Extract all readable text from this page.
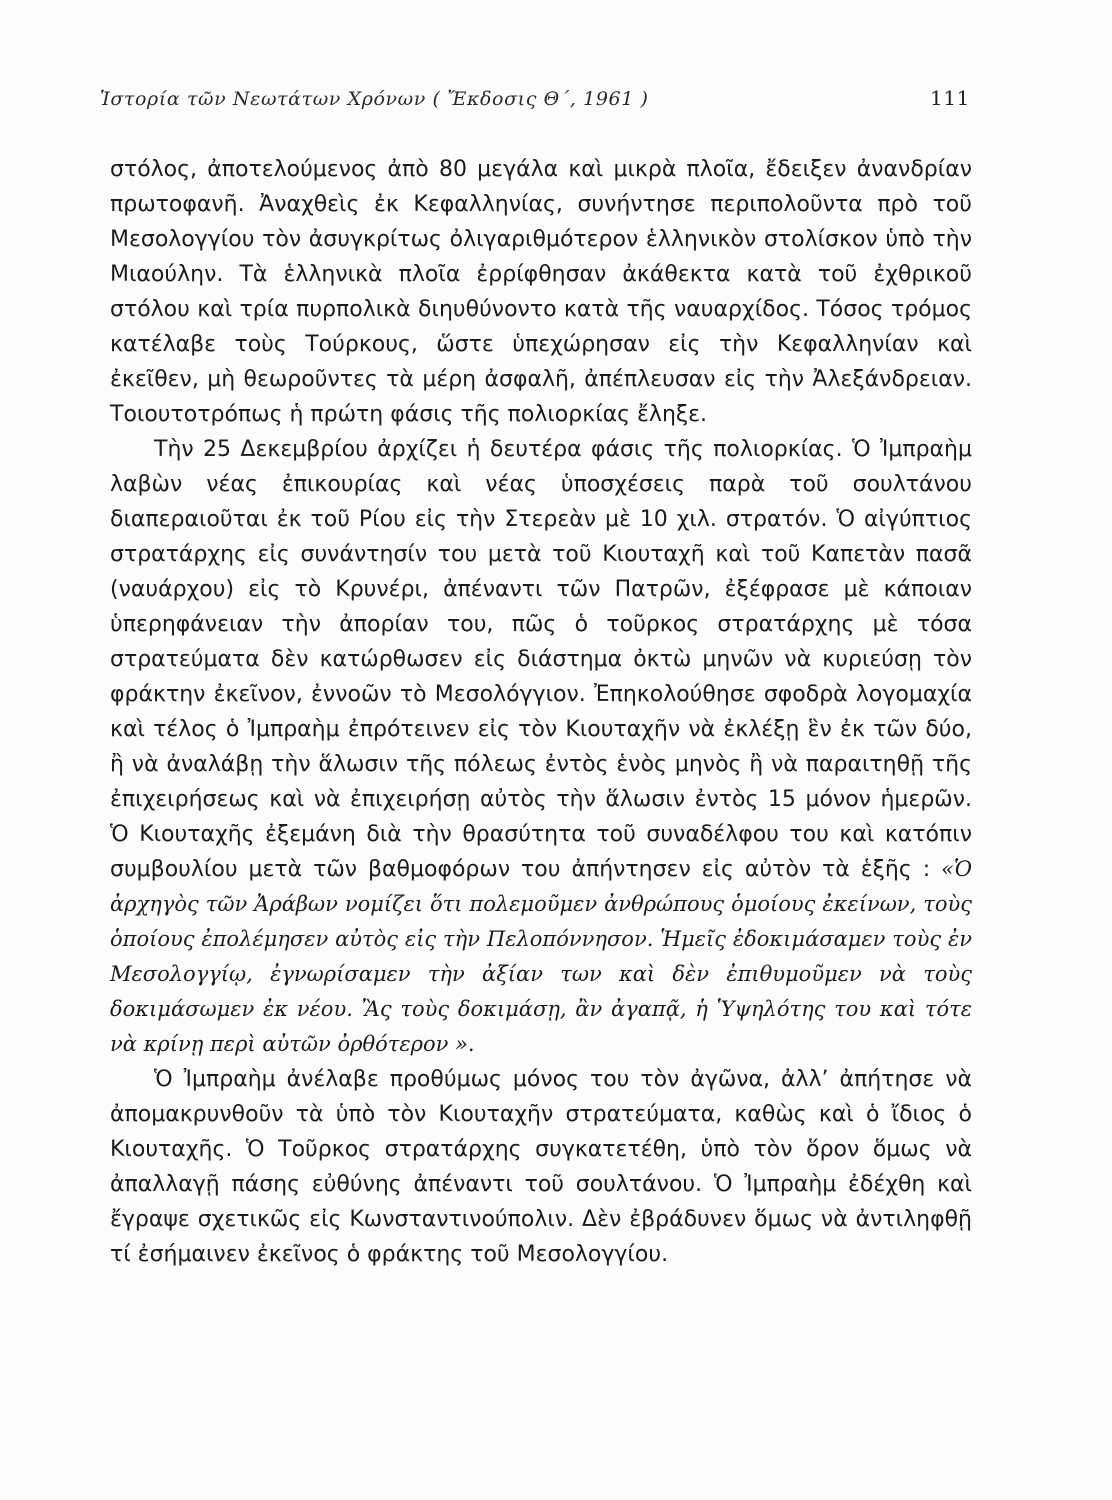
Ἱστορία τῶν Νεωτάτων Χρόνων ( Ἔκδοσις Θ΄, 1961 )	111

στόλος, ἀποτελούμενος ἀπὸ 80 μεγάλα καὶ μικρὰ πλοῖα, ἔδειξεν ἀνανδρίαν πρωτοφανῆ. Ἀναχθεὶς ἐκ Κεφαλληνίας, συνήντησε περιπολοῦντα πρὸ τοῦ Μεσολογγίου τὸν ἀσυγκρίτως ὀλιγαριθμότερον ἑλληνικὸν στολίσκον ὑπὸ τὴν Μιαούλην. Τὰ ἑλληνικὰ πλοῖα ἐρρίφθησαν ἀκάθεκτα κατὰ τοῦ ἐχθρικοῦ στόλου καὶ τρία πυρπολικὰ διηυθύνοντο κατὰ τῆς ναυαρχίδος. Τόσος τρόμος κατέλαβε τοὺς Τούρκους, ὥστε ὑπεχώρησαν εἰς τὴν Κεφαλληνίαν καὶ ἐκεῖθεν, μὴ θεωροῦντες τὰ μέρη ἀσφαλῆ, ἀπέπλευσαν εἰς τὴν Ἀλεξάνδρειαν. Τοιουτοτρόπως ἡ πρώτη φάσις τῆς πολιορκίας ἔληξε.

Τὴν 25 Δεκεμβρίου ἀρχίζει ἡ δευτέρα φάσις τῆς πολιορκίας. Ὁ Ἰμπραὴμ λαβὼν νέας ἐπικουρίας καὶ νέας ὑποσχέσεις παρὰ τοῦ σουλτάνου διαπεραιοῦται ἐκ τοῦ Ρίου εἰς τὴν Στερεὰν μὲ 10 χιλ. στρατόν. Ὁ αἰγύπτιος στρατάρχης εἰς συνάντησίν του μετὰ τοῦ Κιουταχῆ καὶ τοῦ Καπετὰν πασᾶ (ναυάρχου) εἰς τὸ Κρυνέρι, ἀπέναντι τῶν Πατρῶν, ἐξέφρασε μὲ κάποιαν ὑπερηφάνειαν τὴν ἀπορίαν του, πῶς ὁ τοῦρκος στρατάρχης μὲ τόσα στρατεύματα δὲν κατώρθωσεν εἰς διάστημα ὀκτὼ μηνῶν νὰ κυριεύσῃ τὸν φράκτην ἐκεῖνον, ἐννοῶν τὸ Μεσολόγγιον. Ἐπηκολούθησε σφοδρὰ λογομαχία καὶ τέλος ὁ Ἰμπραὴμ ἐπρότεινεν εἰς τὸν Κιουταχῆν νὰ ἐκλέξῃ ἓν ἐκ τῶν δύο, ἢ νὰ ἀναλάβῃ τὴν ἅλωσιν τῆς πόλεως ἐντὸς ἑνὸς μηνὸς ἢ νὰ παραιτηθῇ τῆς ἐπιχειρήσεως καὶ νὰ ἐπιχειρήσῃ αὐτὸς τὴν ἅλωσιν ἐντὸς 15 μόνον ἡμερῶν. Ὁ Κιουταχῆς ἐξεμάνη διὰ τὴν θρασύτητα τοῦ συναδέλφου του καὶ κατόπιν συμβουλίου μετὰ τῶν βαθμοφόρων του ἀπήντησεν εἰς αὐτὸν τὰ ἑξῆς : «Ὁ ἀρχηγὸς τῶν Ἀράβων νομίζει ὅτι πολεμοῦμεν ἀνθρώπους ὁμοίους ἐκείνων, τοὺς ὁποίους ἐπολέμησεν αὐτὸς εἰς τὴν Πελοπόννησον. Ἡμεῖς ἐδοκιμάσαμεν τοὺς ἐν Μεσολογγίῳ, ἐγνωρίσαμεν τὴν ἀξίαν των καὶ δὲν ἐπιθυμοῦμεν νὰ τοὺς δοκιμάσωμεν ἐκ νέου. Ἂς τοὺς δοκιμάσῃ, ἂν ἀγαπᾷ, ἡ Ὑψηλότης του καὶ τότε νὰ κρίνῃ περὶ αὐτῶν ὀρθότερον ».

Ὁ Ἰμπραὴμ ἀνέλαβε προθύμως μόνος του τὸν ἀγῶνα, ἀλλ’ ἀπήτησε νὰ ἀπομακρυνθοῦν τὰ ὑπὸ τὸν Κιουταχῆν στρατεύματα, καθὼς καὶ ὁ ἴδιος ὁ Κιουταχῆς. Ὁ Τοῦρκος στρατάρχης συγκατετέθη, ὑπὸ τὸν ὅρον ὅμως νὰ ἀπαλλαγῇ πάσης εὐθύνης ἀπέναντι τοῦ σουλτάνου. Ὁ Ἰμπραὴμ ἐδέχθη καὶ ἔγραψε σχετικῶς εἰς Κωνσταντινούπολιν. Δὲν ἐβράδυνεν ὅμως νὰ ἀντιληφθῇ τί ἐσήμαινεν ἐκεῖνος ὁ φράκτης τοῦ Μεσολογγίου.
